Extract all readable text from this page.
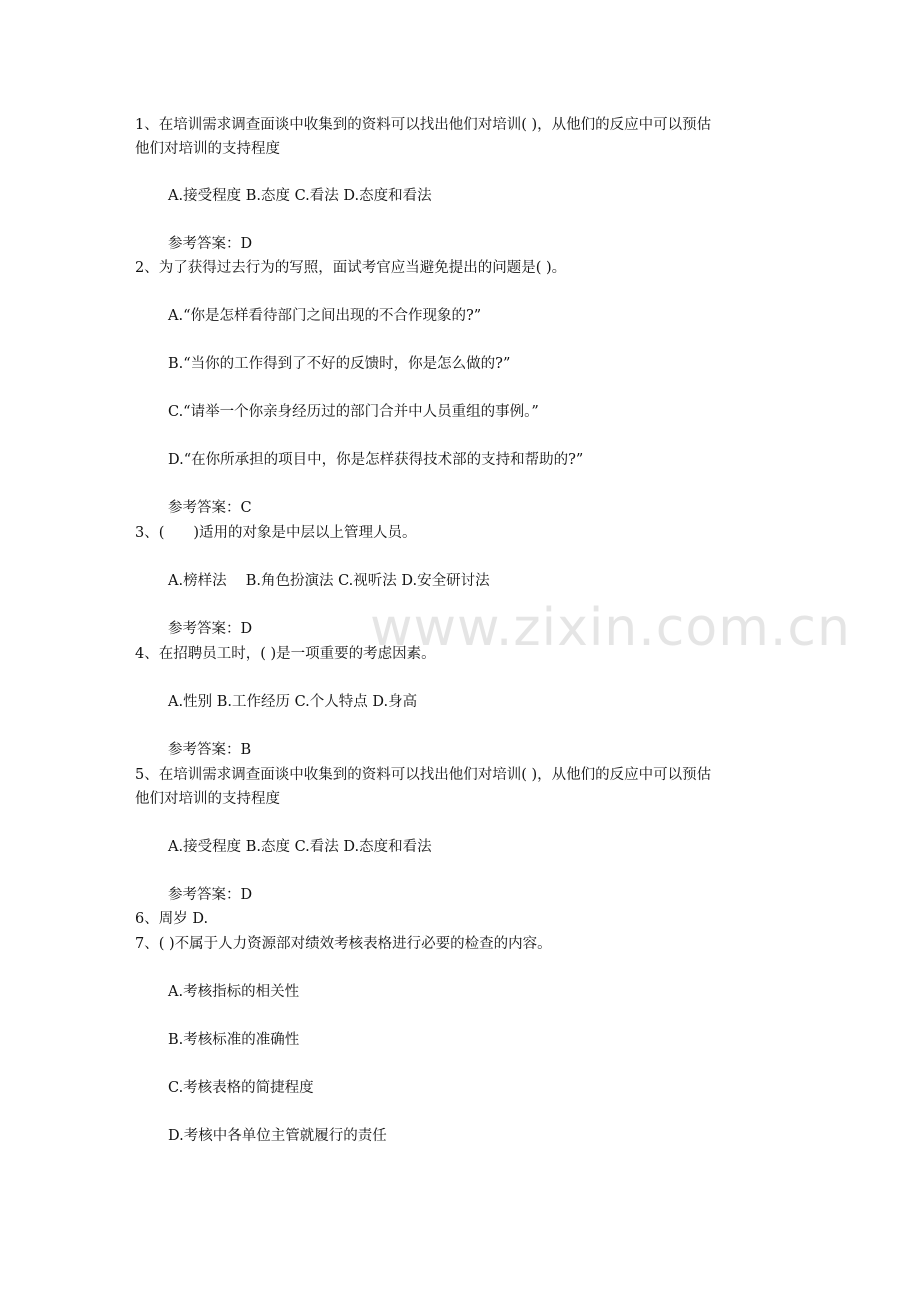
1、在培训需求调查面谈中收集到的资料可以找出他们对培训( )，从他们的反应中可以预估
他们对培训的支持程度
A.接受程度 B.态度 C.看法 D.态度和看法
参考答案：D
2、为了获得过去行为的写照，面试考官应当避免提出的问题是( )。
A.“你是怎样看待部门之间出现的不合作现象的?”
B.“当你的工作得到了不好的反馈时，你是怎么做的?”
C.“请举一个你亲身经历过的部门合并中人员重组的事例。”
D.“在你所承担的项目中，你是怎样获得技术部的支持和帮助的?”
参考答案：C
3、(　　)适用的对象是中层以上管理人员。
A.榜样法　 B.角色扮演法 C.视听法 D.安全研讨法
参考答案：D
4、在招聘员工时，( )是一项重要的考虑因素。
A.性别 B.工作经历 C.个人特点 D.身高
参考答案：B
5、在培训需求调查面谈中收集到的资料可以找出他们对培训( )，从他们的反应中可以预估
他们对培训的支持程度
A.接受程度 B.态度 C.看法 D.态度和看法
参考答案：D
6、周岁 D.
7、( )不属于人力资源部对绩效考核表格进行必要的检查的内容。
A.考核指标的相关性
B.考核标准的准确性
C.考核表格的简捷程度
D.考核中各单位主管就履行的责任
www.zixin.com.cn
